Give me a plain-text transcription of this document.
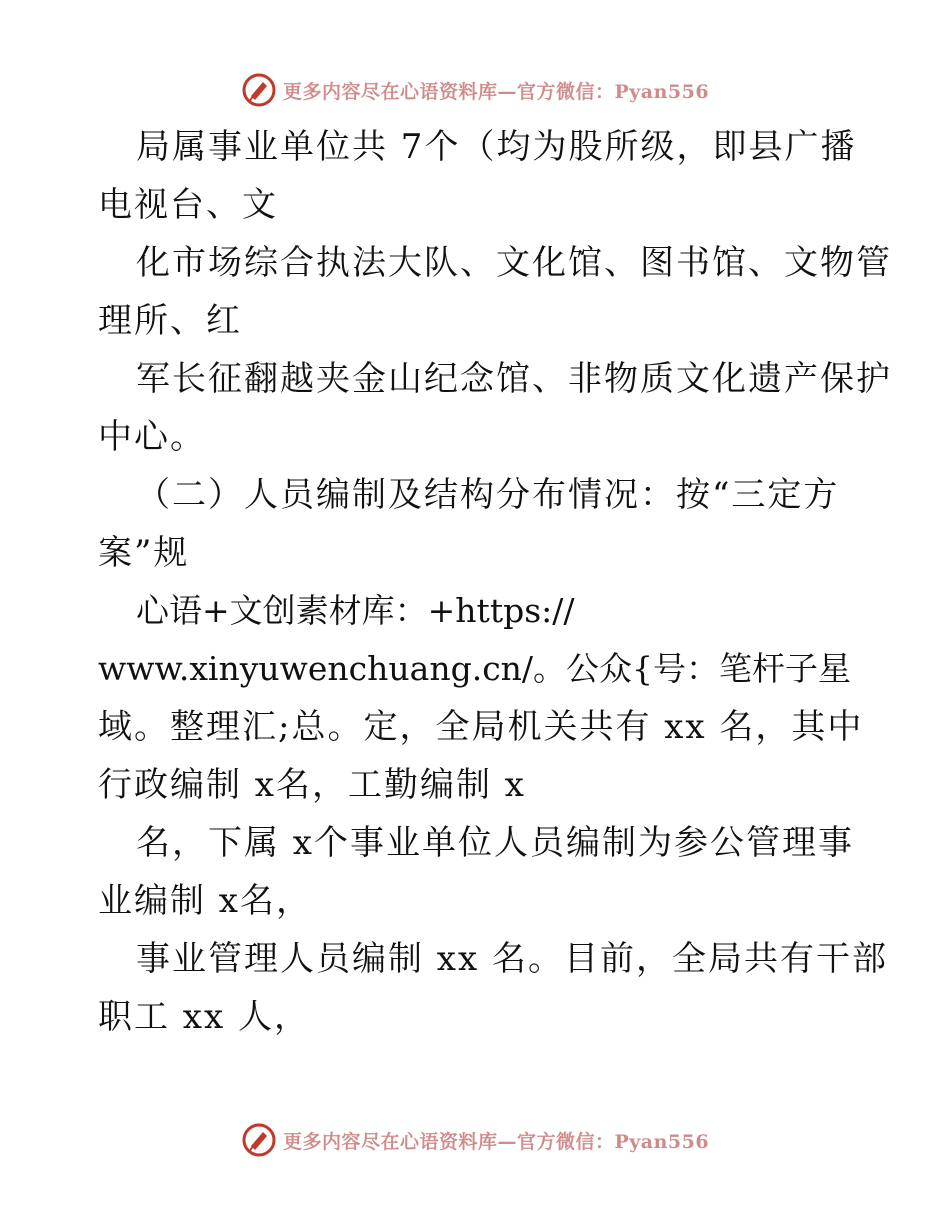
更多内容尽在心语资料库—官方微信：Pyan556
局属事业单位共 7个（均为股所级，即县广播
电视台、文
化市场综合执法大队、文化馆、图书馆、文物管
理所、红
军长征翻越夹金山纪念馆、非物质文化遗产保护
中心。
（二）人员编制及结构分布情况：按“三定方
案”规
心语+文创素材库：+https://
www.xinyuwenchuang.cn/。公众{号：笔杆子星
域。整理汇;总。定，全局机关共有 xx 名，其中
行政编制 x名，工勤编制 x
名，下属 x个事业单位人员编制为参公管理事
业编制 x名，
事业管理人员编制 xx 名。目前，全局共有干部
职工 xx 人，
更多内容尽在心语资料库—官方微信：Pyan556
